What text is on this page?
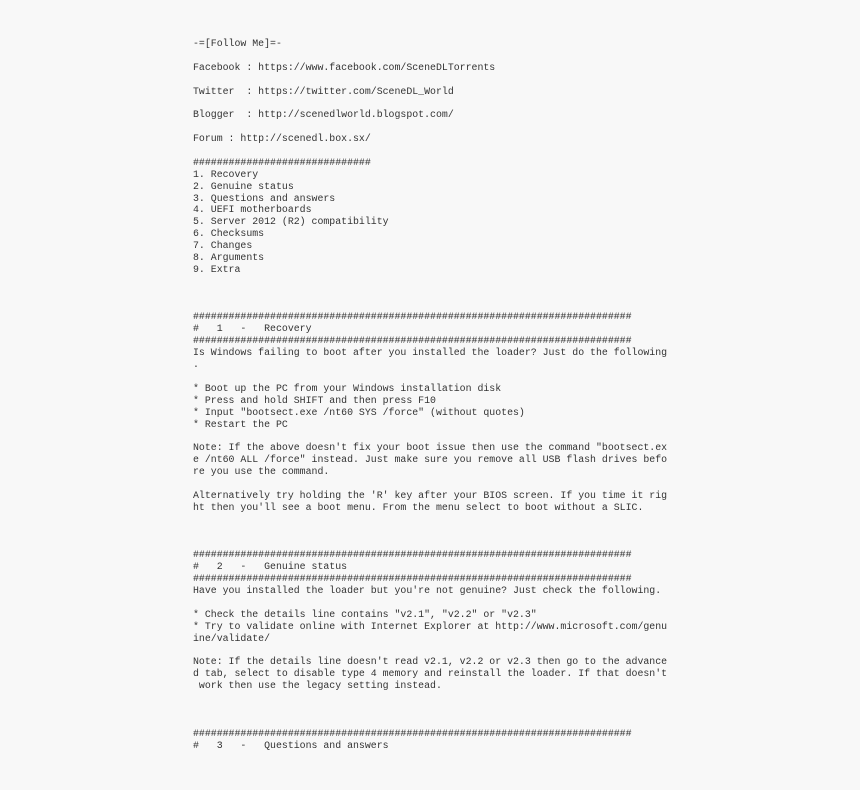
-=[Follow Me]=-
Facebook : https://www.facebook.com/SceneDLTorrents
Twitter  : https://twitter.com/SceneDL_World
Blogger  : http://scenedlworld.blogspot.com/
Forum : http://scenedl.box.sx/
##############################
1. Recovery
2. Genuine status
3. Questions and answers
4. UEFI motherboards
5. Server 2012 (R2) compatibility
6. Checksums
7. Changes
8. Arguments
9. Extra
##########################################################################
#   1   -   Recovery
##########################################################################
Is Windows failing to boot after you installed the loader? Just do the following
.
* Boot up the PC from your Windows installation disk
* Press and hold SHIFT and then press F10
* Input "bootsect.exe /nt60 SYS /force" (without quotes)
* Restart the PC
Note: If the above doesn't fix your boot issue then use the command "bootsect.ex
e /nt60 ALL /force" instead. Just make sure you remove all USB flash drives befo
re you use the command.
Alternatively try holding the 'R' key after your BIOS screen. If you time it rig
ht then you'll see a boot menu. From the menu select to boot without a SLIC.
##########################################################################
#   2   -   Genuine status
##########################################################################
Have you installed the loader but you're not genuine? Just check the following.
* Check the details line contains "v2.1", "v2.2" or "v2.3"
* Try to validate online with Internet Explorer at http://www.microsoft.com/genu
ine/validate/
Note: If the details line doesn't read v2.1, v2.2 or v2.3 then go to the advance
d tab, select to disable type 4 memory and reinstall the loader. If that doesn't
work then use the legacy setting instead.
##########################################################################
#   3   -   Questions and answers
